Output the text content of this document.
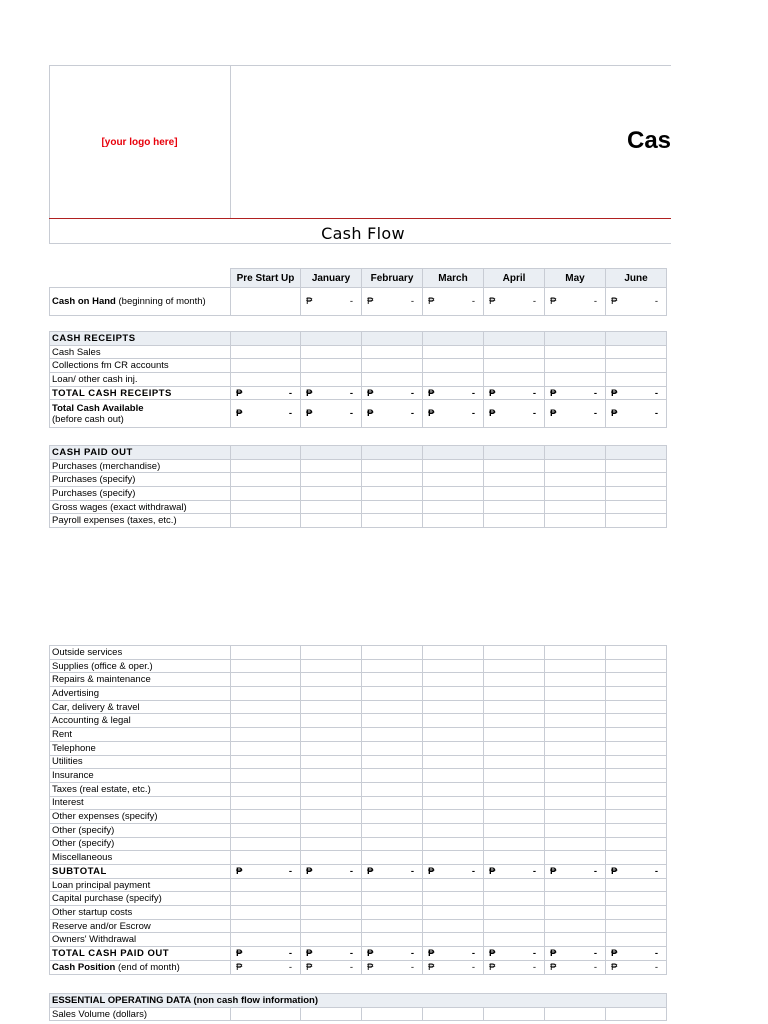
[your logo here]	Cas
Cash Flow
	Pre Start Up	January	February	March	April	May	June
Cash on Hand (beginning of month)		₱ -	₱ -	₱ -	₱ -	₱ -	₱ -
CASH RECEIPTS							
Cash Sales							
Collections fm CR accounts							
Loan/ other cash inj.							
TOTAL CASH RECEIPTS	₱ -	₱ -	₱ -	₱ -	₱ -	₱ -	₱ -

Total Cash Available
(before cash out)	₱ -	₱ -	₱ -	₱ -	₱ -	₱ -	₱ -
CASH PAID OUT							
Purchases (merchandise)							
Purchases (specify)							
Purchases (specify)							
Gross wages (exact withdrawal)							
Payroll expenses (taxes, etc.)							
Outside services							
Supplies (office & oper.)							
Repairs & maintenance							
Advertising							
Car, delivery & travel							
Accounting & legal							
Rent							
Telephone							
Utilities							
Insurance							
Taxes (real estate, etc.)							
Interest							
Other expenses (specify)							
Other (specify)							
Other (specify)							
Miscellaneous							
SUBTOTAL	₱ -	₱ -	₱ -	₱ -	₱ -	₱ -	₱ -

Loan principal payment							
Capital purchase (specify)							
Other startup costs							
Reserve and/or Escrow							
Owners' Withdrawal							
TOTAL CASH PAID OUT	₱ -	₱ -	₱ -	₱ -	₱ -	₱ -	₱ -

Cash Position (end of month)	₱ -	₱ -	₱ -	₱ -	₱ -	₱ -	₱ -
ESSENTIAL OPERATING DATA (non cash flow information)
Sales Volume (dollars)							
